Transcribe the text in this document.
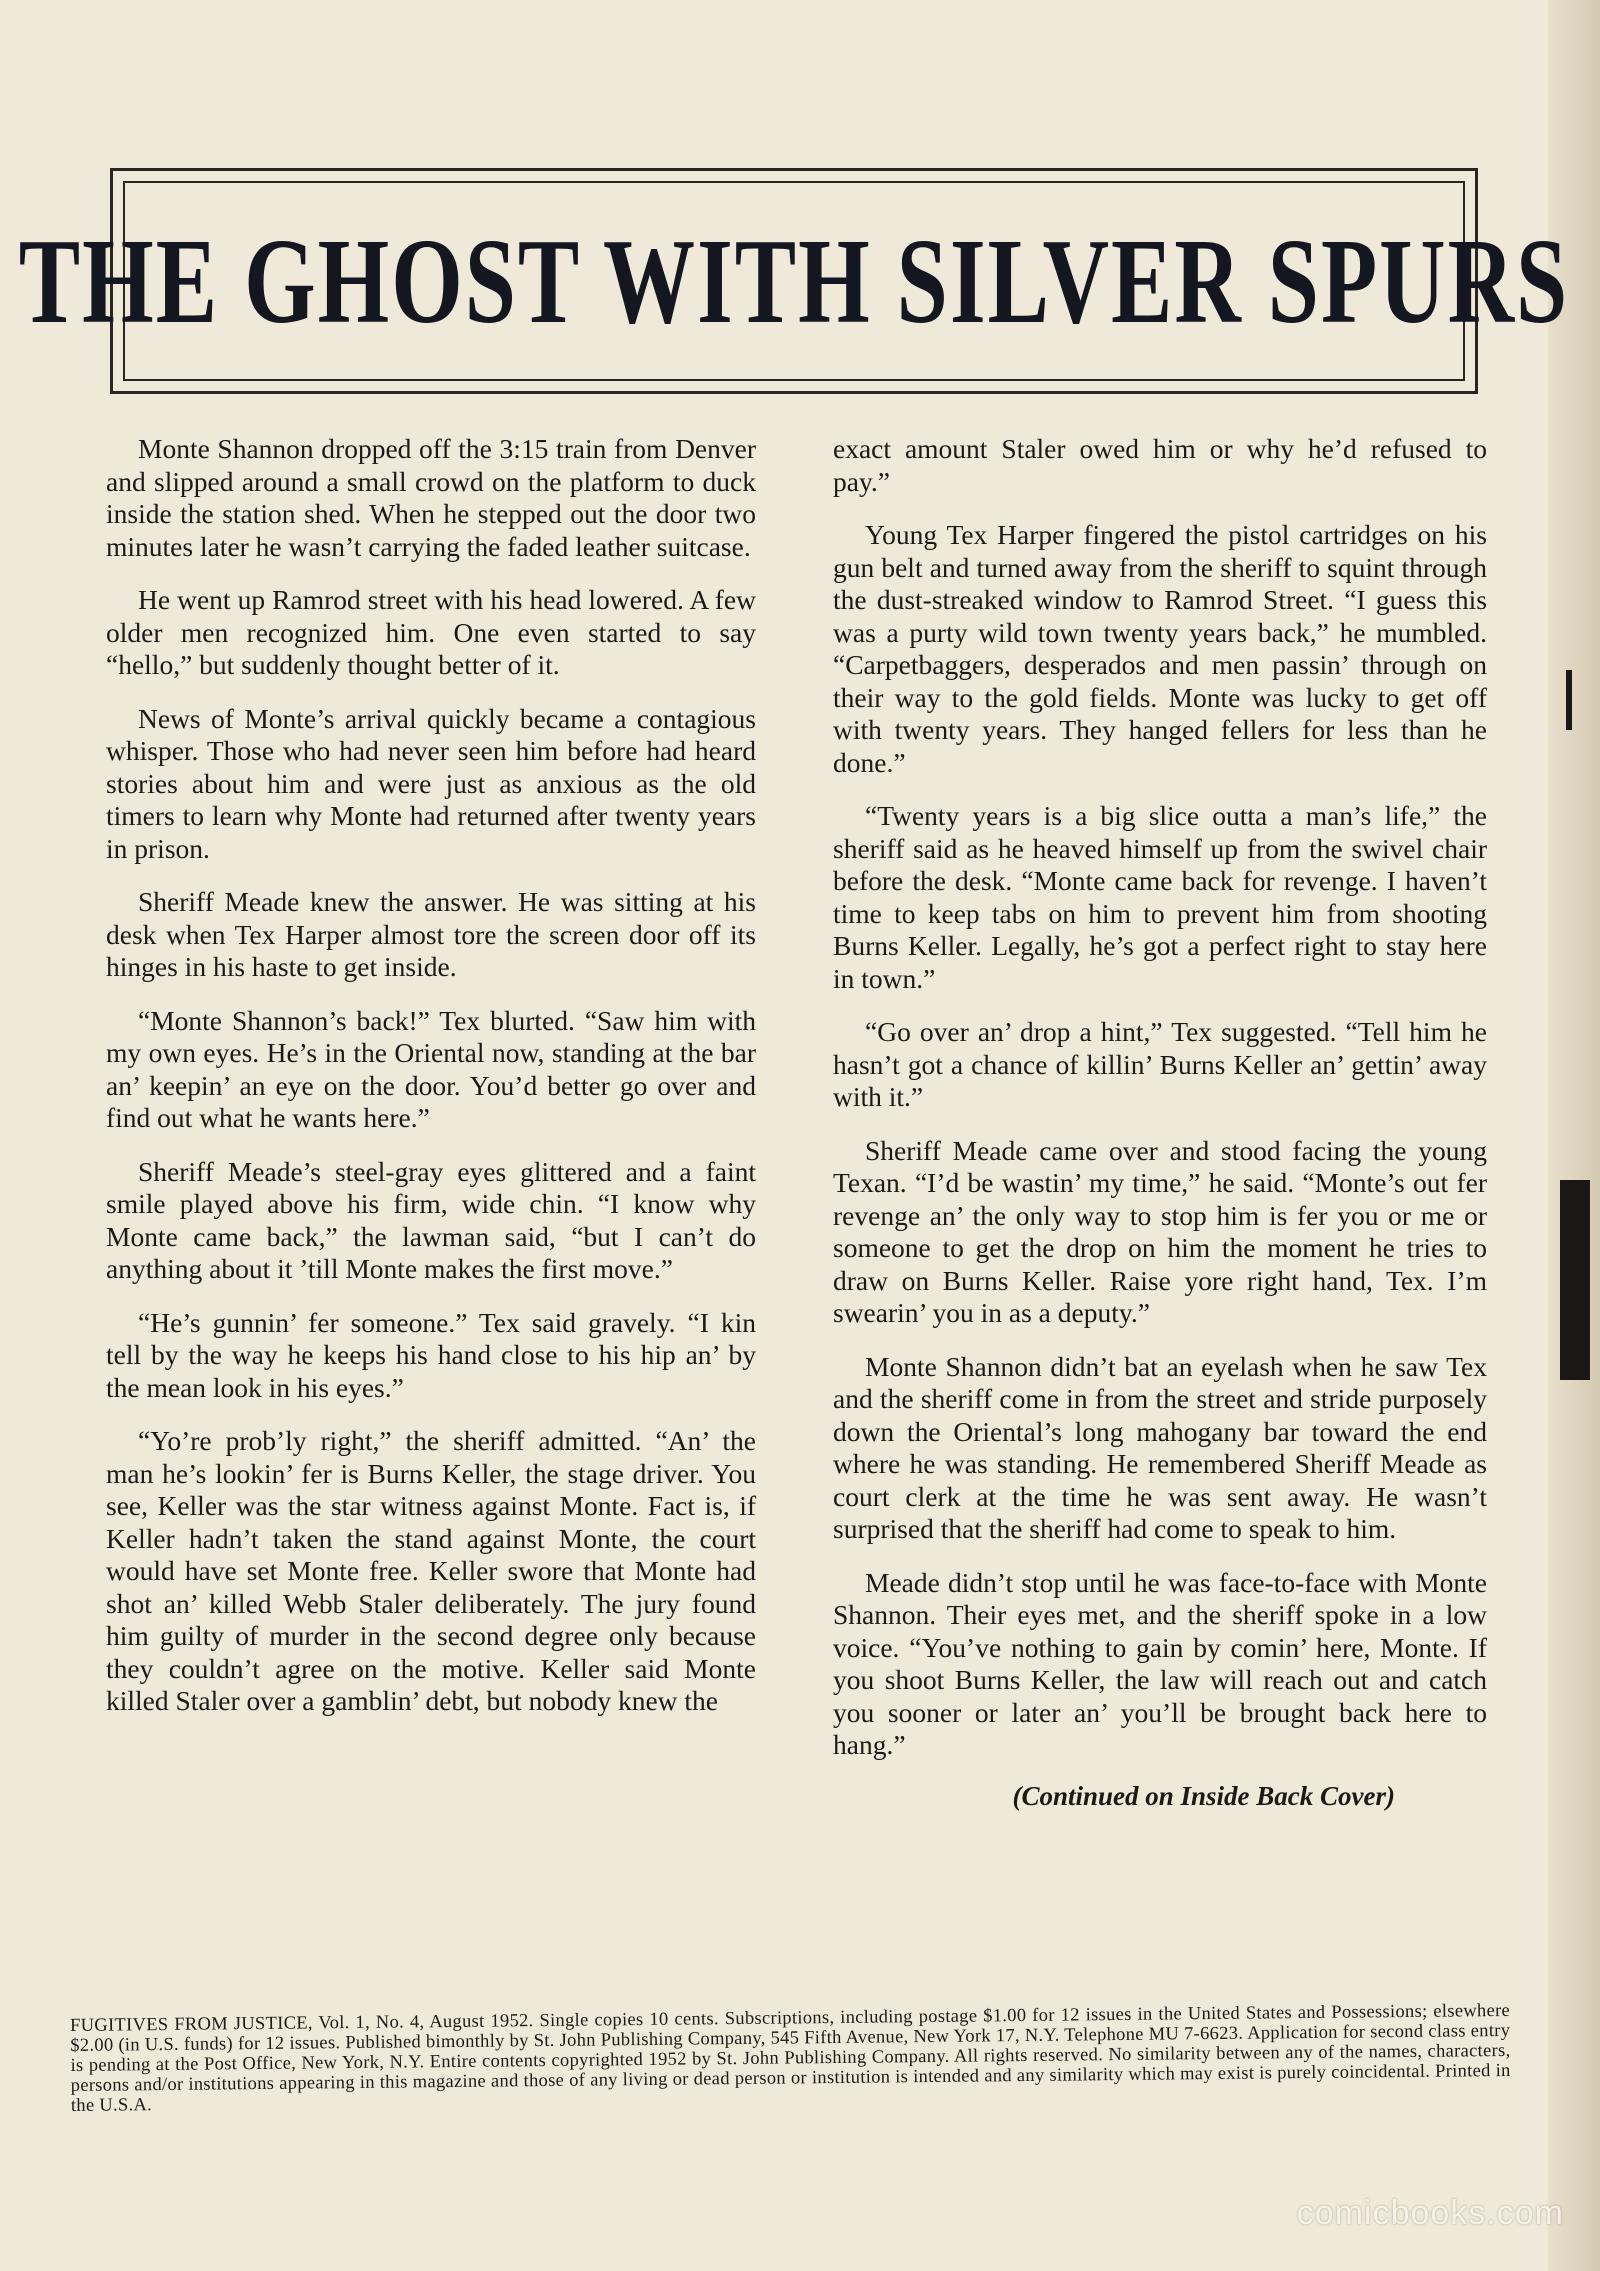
THE GHOST WITH SILVER SPURS

Monte Shannon dropped off the 3:15 train from Denver and slipped around a small crowd on the platform to duck inside the station shed. When he stepped out the door two minutes later he wasn’t carrying the faded leather suitcase.

He went up Ramrod street with his head lowered. A few older men recognized him. One even started to say “hello,” but suddenly thought better of it.

News of Monte’s arrival quickly became a contagious whisper. Those who had never seen him before had heard stories about him and were just as anxious as the old timers to learn why Monte had returned after twenty years in prison.

Sheriff Meade knew the answer. He was sitting at his desk when Tex Harper almost tore the screen door off its hinges in his haste to get inside.

“Monte Shannon’s back!” Tex blurted. “Saw him with my own eyes. He’s in the Oriental now, standing at the bar an’ keepin’ an eye on the door. You’d better go over and find out what he wants here.”

Sheriff Meade’s steel-gray eyes glittered and a faint smile played above his firm, wide chin. “I know why Monte came back,” the lawman said, “but I can’t do anything about it ’till Monte makes the first move.”

“He’s gunnin’ fer someone.” Tex said gravely. “I kin tell by the way he keeps his hand close to his hip an’ by the mean look in his eyes.”

“Yo’re prob’ly right,” the sheriff admitted. “An’ the man he’s lookin’ fer is Burns Keller, the stage driver. You see, Keller was the star witness against Monte. Fact is, if Keller hadn’t taken the stand against Monte, the court would have set Monte free. Keller swore that Monte had shot an’ killed Webb Staler deliberately. The jury found him guilty of murder in the second degree only because they couldn’t agree on the motive. Keller said Monte killed Staler over a gamblin’ debt, but nobody knew the

exact amount Staler owed him or why he’d refused to pay.”

Young Tex Harper fingered the pistol cartridges on his gun belt and turned away from the sheriff to squint through the dust-streaked window to Ramrod Street. “I guess this was a purty wild town twenty years back,” he mumbled. “Carpetbaggers, desperados and men passin’ through on their way to the gold fields. Monte was lucky to get off with twenty years. They hanged fellers for less than he done.”

“Twenty years is a big slice outta a man’s life,” the sheriff said as he heaved himself up from the swivel chair before the desk. “Monte came back for revenge. I haven’t time to keep tabs on him to prevent him from shooting Burns Keller. Legally, he’s got a perfect right to stay here in town.”

“Go over an’ drop a hint,” Tex suggested. “Tell him he hasn’t got a chance of killin’ Burns Keller an’ gettin’ away with it.”

Sheriff Meade came over and stood facing the young Texan. “I’d be wastin’ my time,” he said. “Monte’s out fer revenge an’ the only way to stop him is fer you or me or someone to get the drop on him the moment he tries to draw on Burns Keller. Raise yore right hand, Tex. I’m swearin’ you in as a deputy.”

Monte Shannon didn’t bat an eyelash when he saw Tex and the sheriff come in from the street and stride purposely down the Oriental’s long mahogany bar toward the end where he was standing. He remembered Sheriff Meade as court clerk at the time he was sent away. He wasn’t surprised that the sheriff had come to speak to him.

Meade didn’t stop until he was face-to-face with Monte Shannon. Their eyes met, and the sheriff spoke in a low voice. “You’ve nothing to gain by comin’ here, Monte. If you shoot Burns Keller, the law will reach out and catch you sooner or later an’ you’ll be brought back here to hang.”

(Continued on Inside Back Cover)

FUGITIVES FROM JUSTICE, Vol. 1, No. 4, August 1952. Single copies 10 cents. Subscriptions, including postage $1.00 for 12 issues in the United States and Possessions; elsewhere $2.00 (in U.S. funds) for 12 issues. Published bimonthly by St. John Publishing Company, 545 Fifth Avenue, New York 17, N.Y. Telephone MU 7-6623. Application for second class entry is pending at the Post Office, New York, N.Y. Entire contents copyrighted 1952 by St. John Publishing Company. All rights reserved. No similarity between any of the names, characters, persons and/or institutions appearing in this magazine and those of any living or dead person or institution is intended and any similarity which may exist is purely coincidental. Printed in the U.S.A.
comicbooks.com
